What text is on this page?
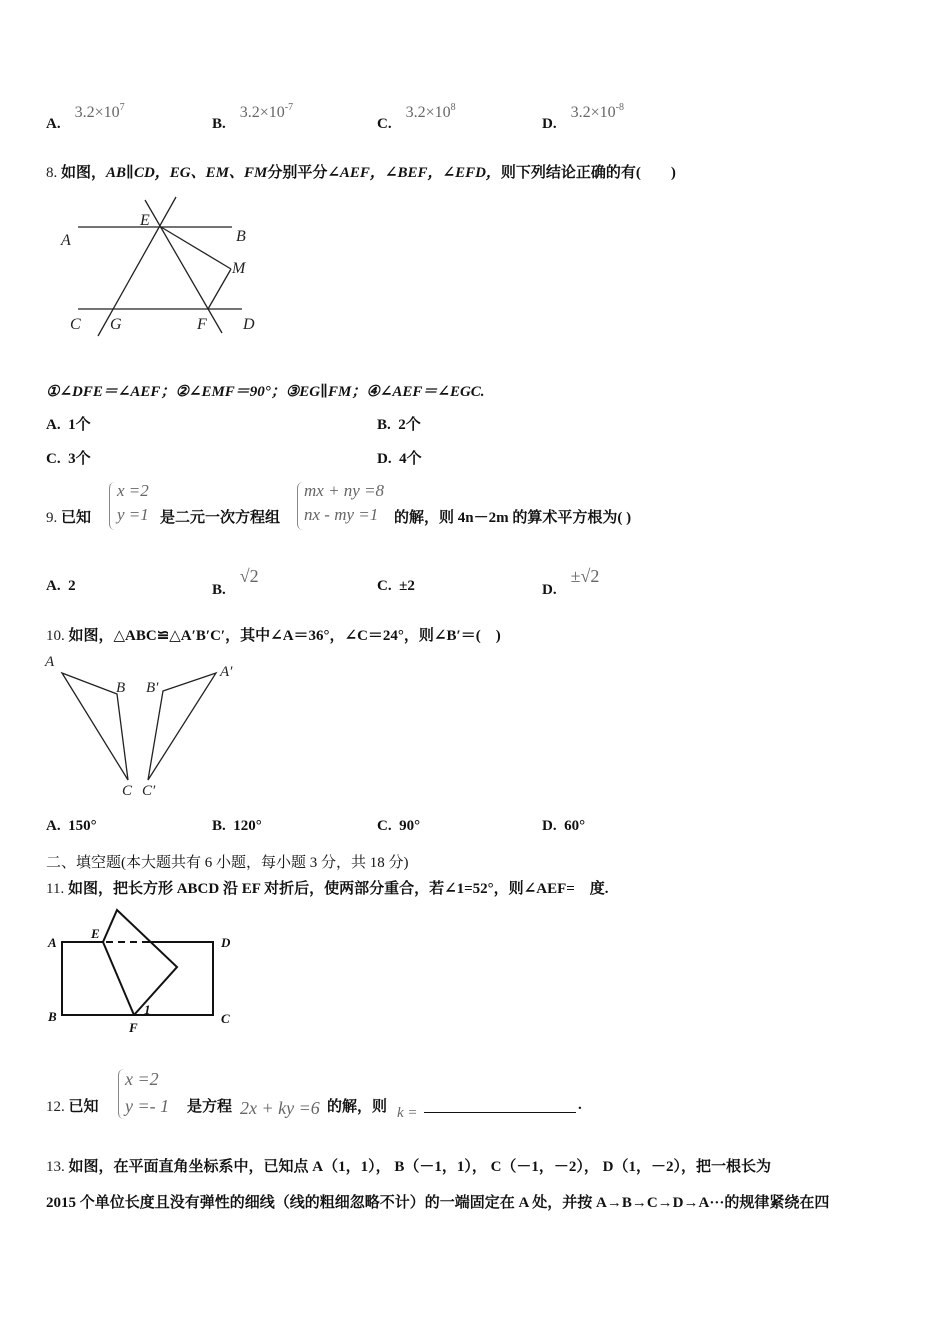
A. $3.2\times 10^7$
B. $3.2\times 10^{-7}$
C. $3.2\times 10^8$
D. $3.2\times 10^{-8}$
8. 如图，AB∥CD，EG、EM、FM分别平分∠AEF，∠BEF，∠EFD，则下列结论正确的有(　　)
E
A	B
M
C G	F D
①∠DFE＝∠AEF；②∠EMF＝90°；③EG∥FM；④∠AEF＝∠EGC.
A. 1个	B. 2个
C. 3个	D. 4个
9. 已知
x =2
y =1 是二元一次方程组
mx + ny =8
nx - my =1	的解，则 4n－2m 的算术平方根为( )
A. 2	B.√2	C. ±2	D.±√2
10. 如图，△ABC≌△A′B′C′，其中∠A＝36°，∠C＝24°，则∠B′＝(　)
A
B
C
B′
A′
C′
A. 150°	B. 120°	C. 90°	D. 60°
二、填空题(本大题共有 6 小题，每小题 3 分，共 18 分)
11. 如图，把长方形 ABCD 沿 EF 对折后，使两部分重合，若∠1=52°，则∠AEF=　度.
A
E
D
B	C
F
1
12. 已知
x =2
y =- 1 是方程 2x + ky =6 的解，则 k =	.
13. 如图，在平面直角坐标系中，已知点 A（1，1）， B（－1，1）， C（－1，－2）， D（1，－2），把一根长为
2015 个单位长度且没有弹性的细线（线的粗细忽略不计）的一端固定在 A 处，并按 A→B→C→D→A···的规律紧绕在四
